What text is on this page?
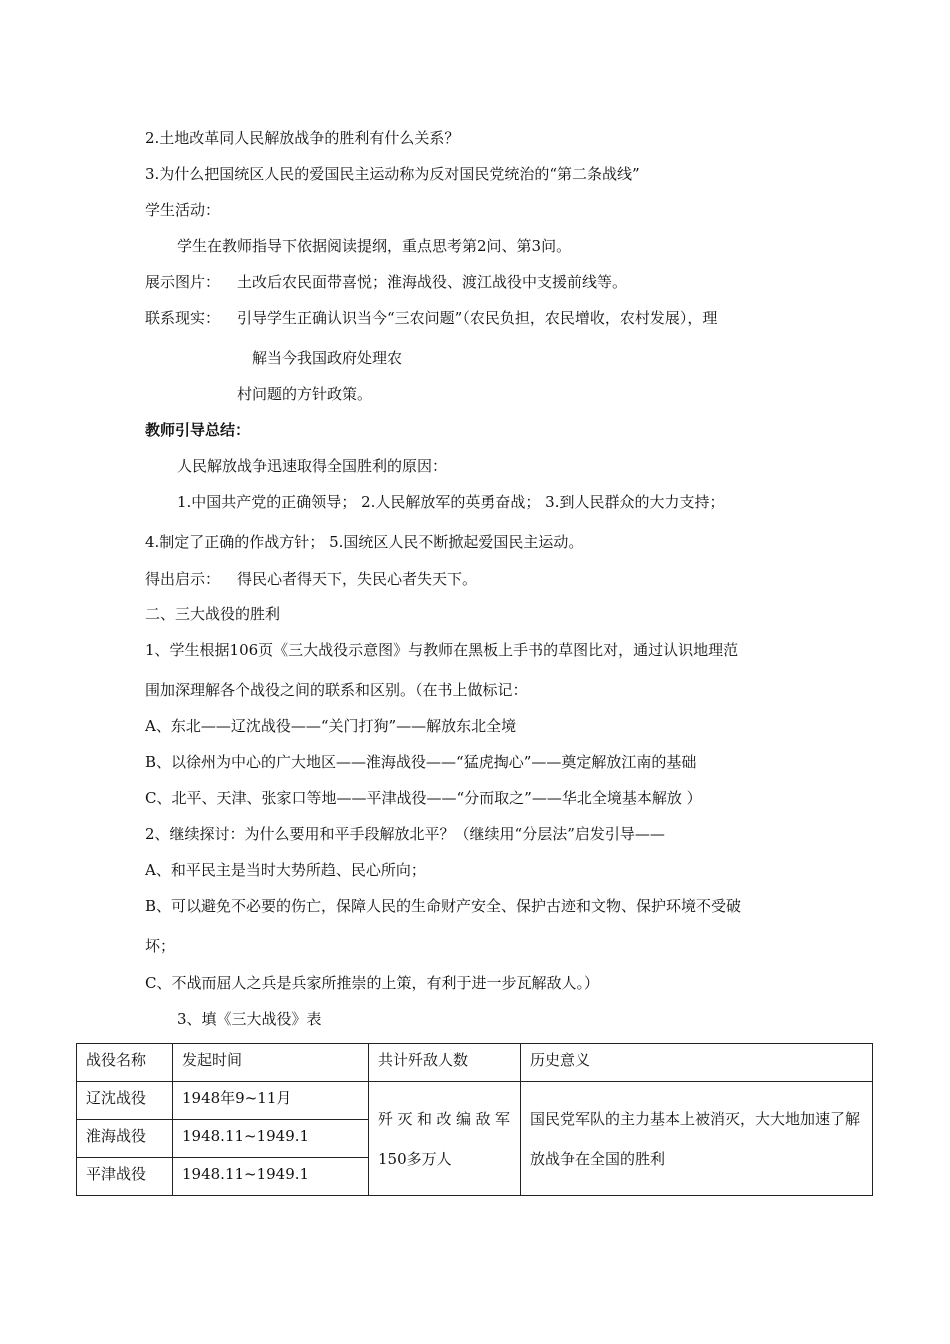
2.土地改革同人民解放战争的胜利有什么关系？
3.为什么把国统区人民的爱国民主运动称为反对国民党统治的“第二条战线”
学生活动：
学生在教师指导下依据阅读提纲，重点思考第2问、第3问。
展示图片： 土改后农民面带喜悦；淮海战役、渡江战役中支援前线等。
联系现实： 引导学生正确认识当今“三农问题”（农民负担，农民增收，农村发展），理
解当今我国政府处理农
村问题的方针政策。
教师引导总结：
人民解放战争迅速取得全国胜利的原因：
1.中国共产党的正确领导； 2.人民解放军的英勇奋战； 3.到人民群众的大力支持；
4.制定了正确的作战方针； 5.国统区人民不断掀起爱国民主运动。
得出启示： 得民心者得天下，失民心者失天下。
二、三大战役的胜利
1、学生根据106页《三大战役示意图》与教师在黑板上手书的草图比对，通过认识地理范
围加深理解各个战役之间的联系和区别。（在书上做标记：
A、东北——辽沈战役——“关门打狗”——解放东北全境
B、以徐州为中心的广大地区——淮海战役——“猛虎掏心”——奠定解放江南的基础
C、北平、天津、张家口等地——平津战役——“分而取之”——华北全境基本解放 ）
2、继续探讨：为什么要用和平手段解放北平？（继续用“分层法”启发引导——
A、和平民主是当时大势所趋、民心所向；
B、可以避免不必要的伤亡，保障人民的生命财产安全、保护古迹和文物、保护环境不受破
坏；
C、不战而屈人之兵是兵家所推崇的上策，有利于进一步瓦解敌人。）
3、填《三大战役》表
战役名称	发起时间	共计歼敌人数	历史意义
辽沈战役	1948年9~11月	歼灭和改编敌军150多万人	国民党军队的主力基本上被消灭，大大地加速了解放战争在全国的胜利
淮海战役	1948.11~1949.1		
平津战役	1948.11~1949.1		
